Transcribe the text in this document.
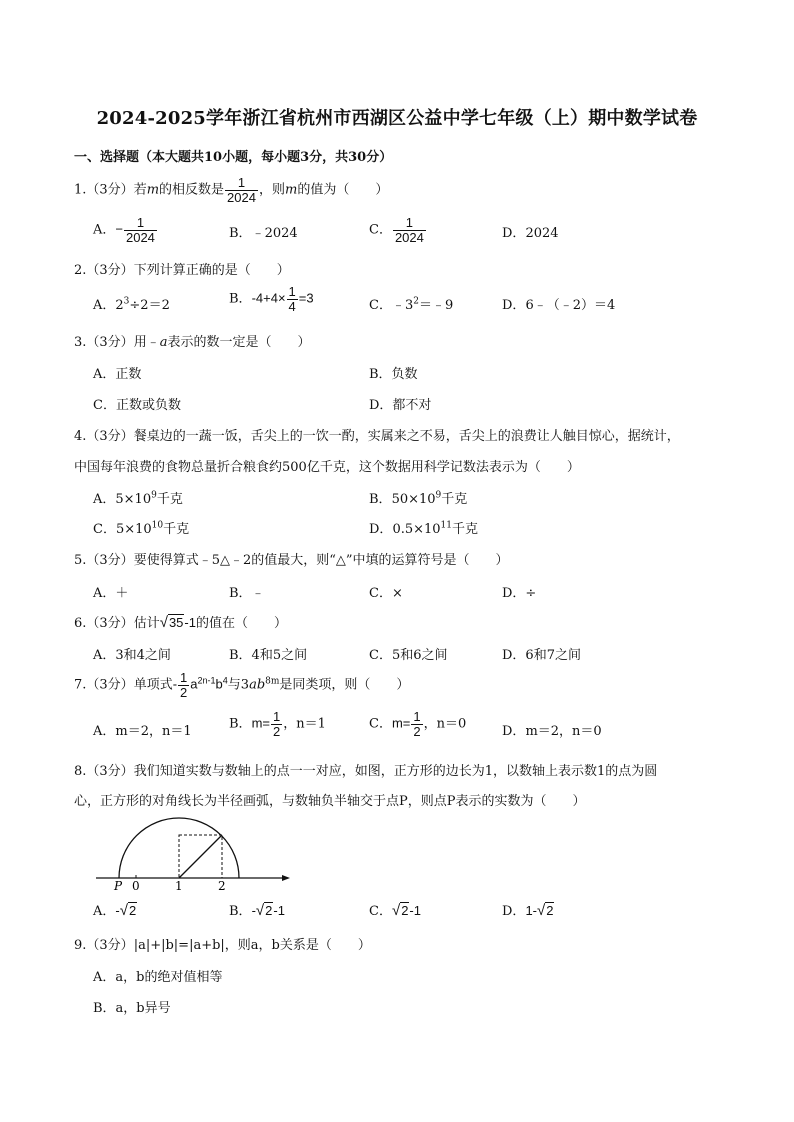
2024-2025学年浙江省杭州市西湖区公益中学七年级（上）期中数学试卷
一、选择题（本大题共10小题，每小题3分，共30分）
1.（3分）若m的相反数是 $\frac{1}{2024}$ ，则m的值为（　　）
A．− $\frac{1}{2024}$	B．﹣2024	C． $\frac{1}{2024}$	D．2024
2.（3分）下列计算正确的是（　　）
A．$2^3\div 2=2$	B．$-4+4\times \frac{1}{4} =3$	C．$﹣3^2=﹣9$	D．6﹣（﹣2）＝4
3.（3分）用﹣a表示的数一定是（　　）
A．正数	B．负数
C．正数或负数	D．都不对
4.（3分）餐桌边的一蔬一饭，舌尖上的一饮一酌，实属来之不易，舌尖上的浪费让人触目惊心，据统计，
中国每年浪费的食物总量折合粮食约500亿千克，这个数据用科学记数法表示为（　　）
A．$5\times 10^9$千克	B．$50\times 10^9$千克
C．$5\times 10^{10}$千克	D．$0.5\times 10^{11}$千克
5.（3分）要使得算式﹣5△﹣2的值最大，则“△”中填的运算符号是（　　）
A．＋	B．﹣	C．×	D．÷
6.（3分）估计 √ 35 -1的值在（　　）
A．3和4之间	B．4和5之间	C．5和6之间	D．6和7之间
7.（3分）单项式- $\frac{1}{2} a^{2n-1}b^4$与$3ab^{8m}$是同类项，则（　　）
A．m＝2，n＝1	B．$m= \frac{1}{2}$ ，n＝1	C．$m= \frac{1}{2}$ ，n＝0	D．m＝2，n＝0
8.（3分）我们知道实数与数轴上的点一一对应，如图，正方形的边长为1，以数轴上表示数1的点为圆
心，正方形的对角线长为半径画弧，与数轴负半轴交于点P，则点P表示的实数为（　　）
P 0	1	2
A．- √ 2	B．- √ 2 -1	C． √ 2 -1	D．1- √ 2
9.（3分）|a|+|b|=|a+b|，则a，b关系是（　　）
A．a，b的绝对值相等
B．a，b异号
